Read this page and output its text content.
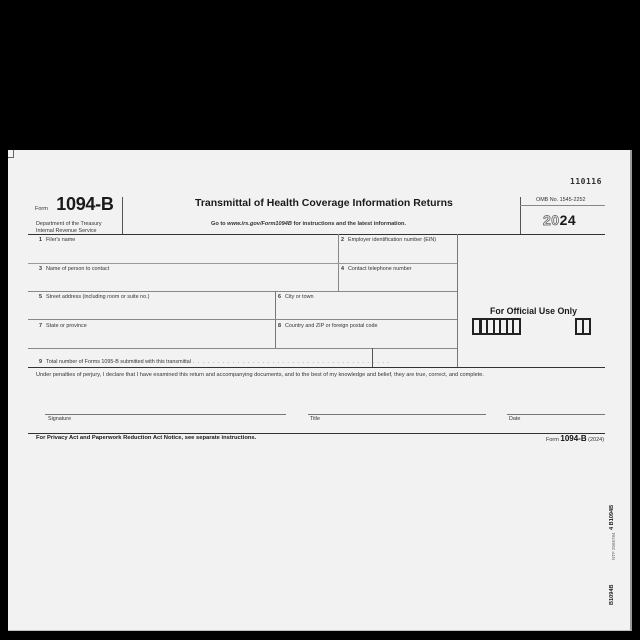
110116
Form 1094-B
Department of the Treasury
Internal Revenue Service
Transmittal of Health Coverage Information Returns
Go to www.irs.gov/Form1094B for instructions and the latest information.
OMB No. 1545-2252
2024
1 Filer's name	2 Employer identification number (EIN)
3 Name of person to contact	4 Contact telephone number
5 Street address (including room or suite no.)	6 City or town
7 State or province	8 Country and ZIP or foreign postal code
9 Total number of Forms 1095-B submitted with this transmittal . . . . . . . . . . . . . . . . . . . . . . . . . . . . . . . . . . . . . . . .
For Official Use Only
Under penalties of perjury, I declare that I have examined this return and accompanying documents, and to the best of my knowledge and belief, they are true, correct, and complete.
Signature	Title	Date
For Privacy Act and Paperwork Reduction Act Notice, see separate instructions.	Form 1094-B (2024)
4 B1094B
NTF 2566784
B1094B
